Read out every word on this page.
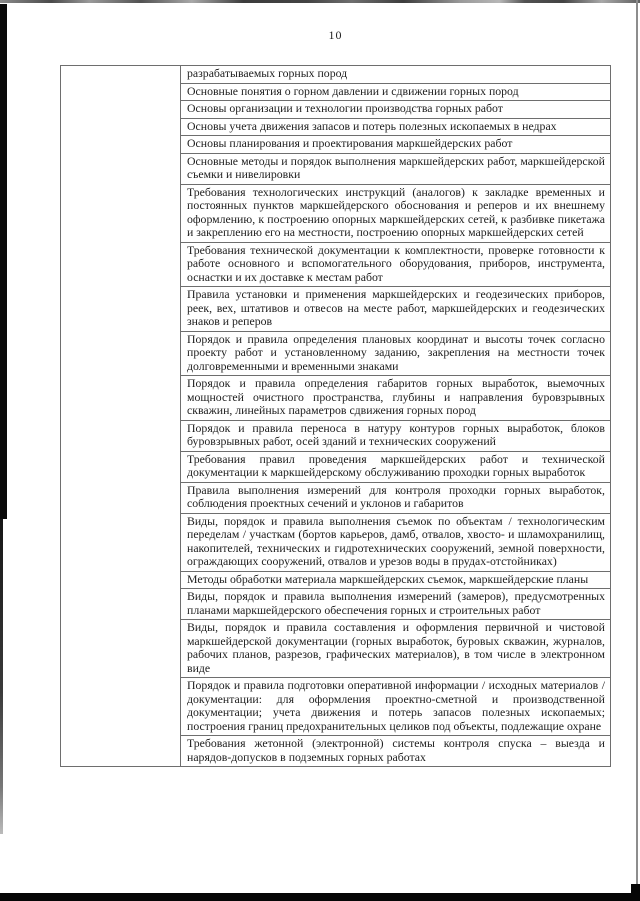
10
	разрабатываемых горных пород
Основные понятия о горном давлении и сдвижении горных пород
Основы организации и технологии производства горных работ
Основы учета движения запасов и потерь полезных ископаемых в недрах
Основы планирования и проектирования маркшейдерских работ
Основные методы и порядок выполнения маркшейдерских работ, маркшейдерской съемки и нивелировки
Требования технологических инструкций (аналогов) к закладке временных и постоянных пунктов маркшейдерского обоснования и реперов и их внешнему оформлению, к построению опорных маркшейдерских сетей, к разбивке пикетажа и закреплению его на местности, построению опорных маркшейдерских сетей
Требования технической документации к комплектности, проверке готовности к работе основного и вспомогательного оборудования, приборов, инструмента, оснастки и их доставке к местам работ
Правила установки и применения маркшейдерских и геодезических приборов, реек, вех, штативов и отвесов на месте работ, маркшейдерских и геодезических знаков и реперов
Порядок и правила определения плановых координат и высоты точек согласно проекту работ и установленному заданию, закрепления на местности точек долговременными и временными знаками
Порядок и правила определения габаритов горных выработок, выемочных мощностей очистного пространства, глубины и направления буровзрывных скважин, линейных параметров сдвижения горных пород
Порядок и правила переноса в натуру контуров горных выработок, блоков буровзрывных работ, осей зданий и технических сооружений
Требования правил проведения маркшейдерских работ и технической документации к маркшейдерскому обслуживанию проходки горных выработок
Правила выполнения измерений для контроля проходки горных выработок, соблюдения проектных сечений и уклонов и габаритов
Виды, порядок и правила выполнения съемок по объектам / технологическим переделам / участкам (бортов карьеров, дамб, отвалов, хвосто- и шламохранилищ, накопителей, технических и гидротехнических сооружений, земной поверхности, ограждающих сооружений, отвалов и урезов воды в прудах-отстойниках)
Методы обработки материала маркшейдерских съемок, маркшейдерские планы
Виды, порядок и правила выполнения измерений (замеров), предусмотренных планами маркшейдерского обеспечения горных и строительных работ
Виды, порядок и правила составления и оформления первичной и чистовой маркшейдерской документации (горных выработок, буровых скважин, журналов, рабочих планов, разрезов, графических материалов), в том числе в электронном виде
Порядок и правила подготовки оперативной информации / исходных материалов / документации: для оформления проектно-сметной и производственной документации; учета движения и потерь запасов полезных ископаемых; построения границ предохранительных целиков под объекты, подлежащие охране
Требования жетонной (электронной) системы контроля спуска – выезда и нарядов-допусков в подземных горных работах
